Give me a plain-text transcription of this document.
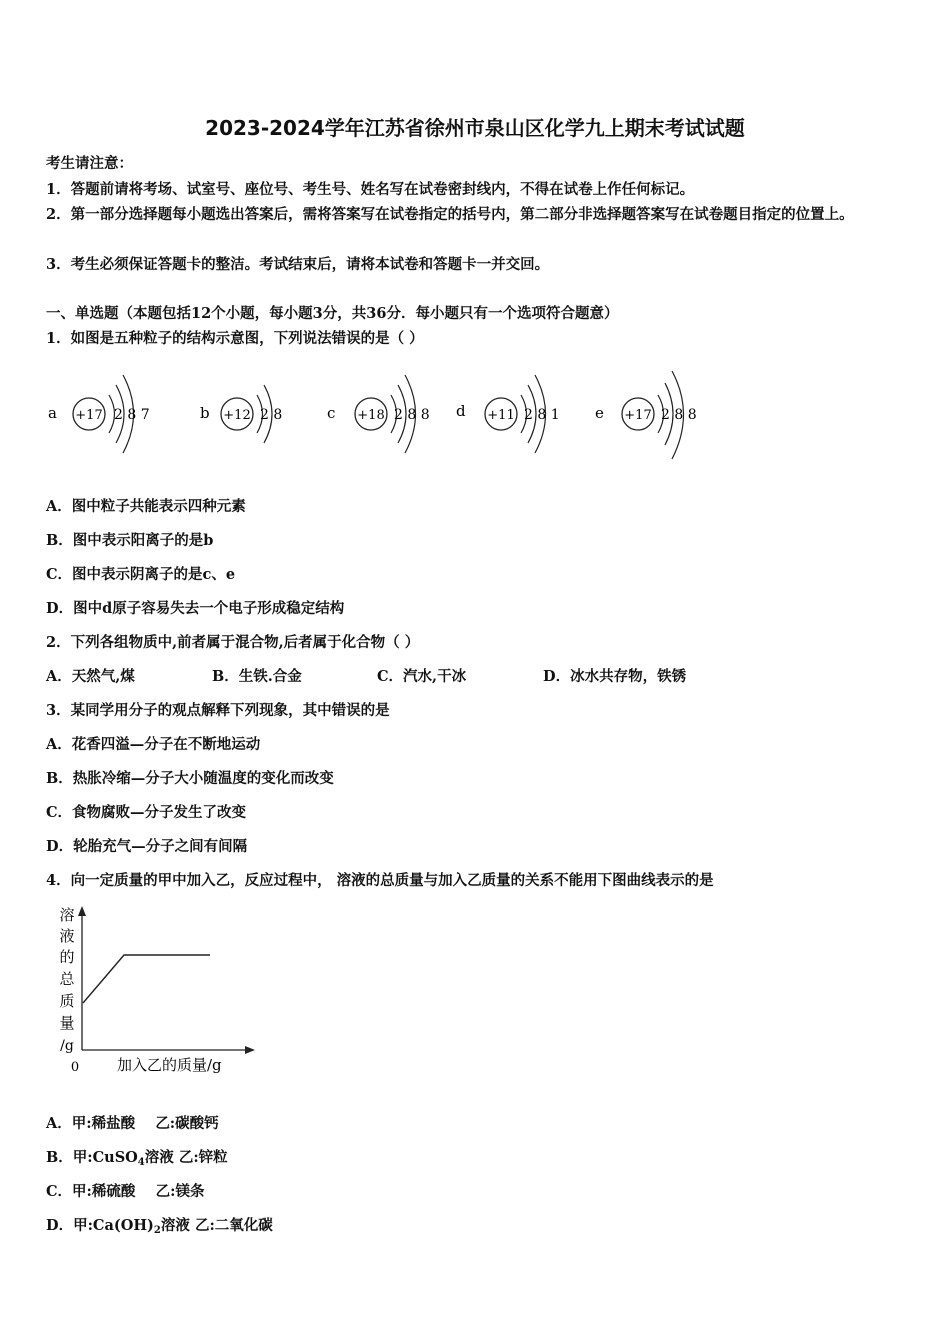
2023-2024学年江苏省徐州市泉山区化学九上期末考试试题
考生请注意：
1．答题前请将考场、试室号、座位号、考生号、姓名写在试卷密封线内，不得在试卷上作任何标记。
2．第一部分选择题每小题选出答案后，需将答案写在试卷指定的括号内，第二部分非选择题答案写在试卷题目指定的位置上。
3．考生必须保证答题卡的整洁。考试结束后，请将本试卷和答题卡一并交回。
一、单选题（本题包括12个小题，每小题3分，共36分．每小题只有一个选项符合题意）
1．如图是五种粒子的结构示意图，下列说法错误的是（ ）
a +17 2 8 7	b +12 2 8	c +18 2 8 8 d +11 2 8 1 e +17 2 8 8
A．图中粒子共能表示四种元素
B．图中表示阳离子的是b
C．图中表示阴离子的是c、e
D．图中d原子容易失去一个电子形成稳定结构
2．下列各组物质中,前者属于混合物,后者属于化合物（ ）
A．天然气,煤	B．生铁.合金	C．汽水,干冰	D．冰水共存物，铁锈
3．某同学用分子的观点解释下列现象，其中错误的是
A．花香四溢—分子在不断地运动
B．热胀冷缩—分子大小随温度的变化而改变
C．食物腐败—分子发生了改变
D．轮胎充气—分子之间有间隔
4．向一定质量的甲中加入乙，反应过程中， 溶液的总质量与加入乙质量的关系不能用下图曲线表示的是
溶
液
的
总
质
量
/g
0	加入乙的质量/g
A．甲:稀盐酸 乙:碳酸钙
B．甲:CuSO$_4$溶液 乙:锌粒
C．甲:稀硫酸 乙:镁条
D．甲$:Ca(OH)_2$溶液 乙:二氧化碳
